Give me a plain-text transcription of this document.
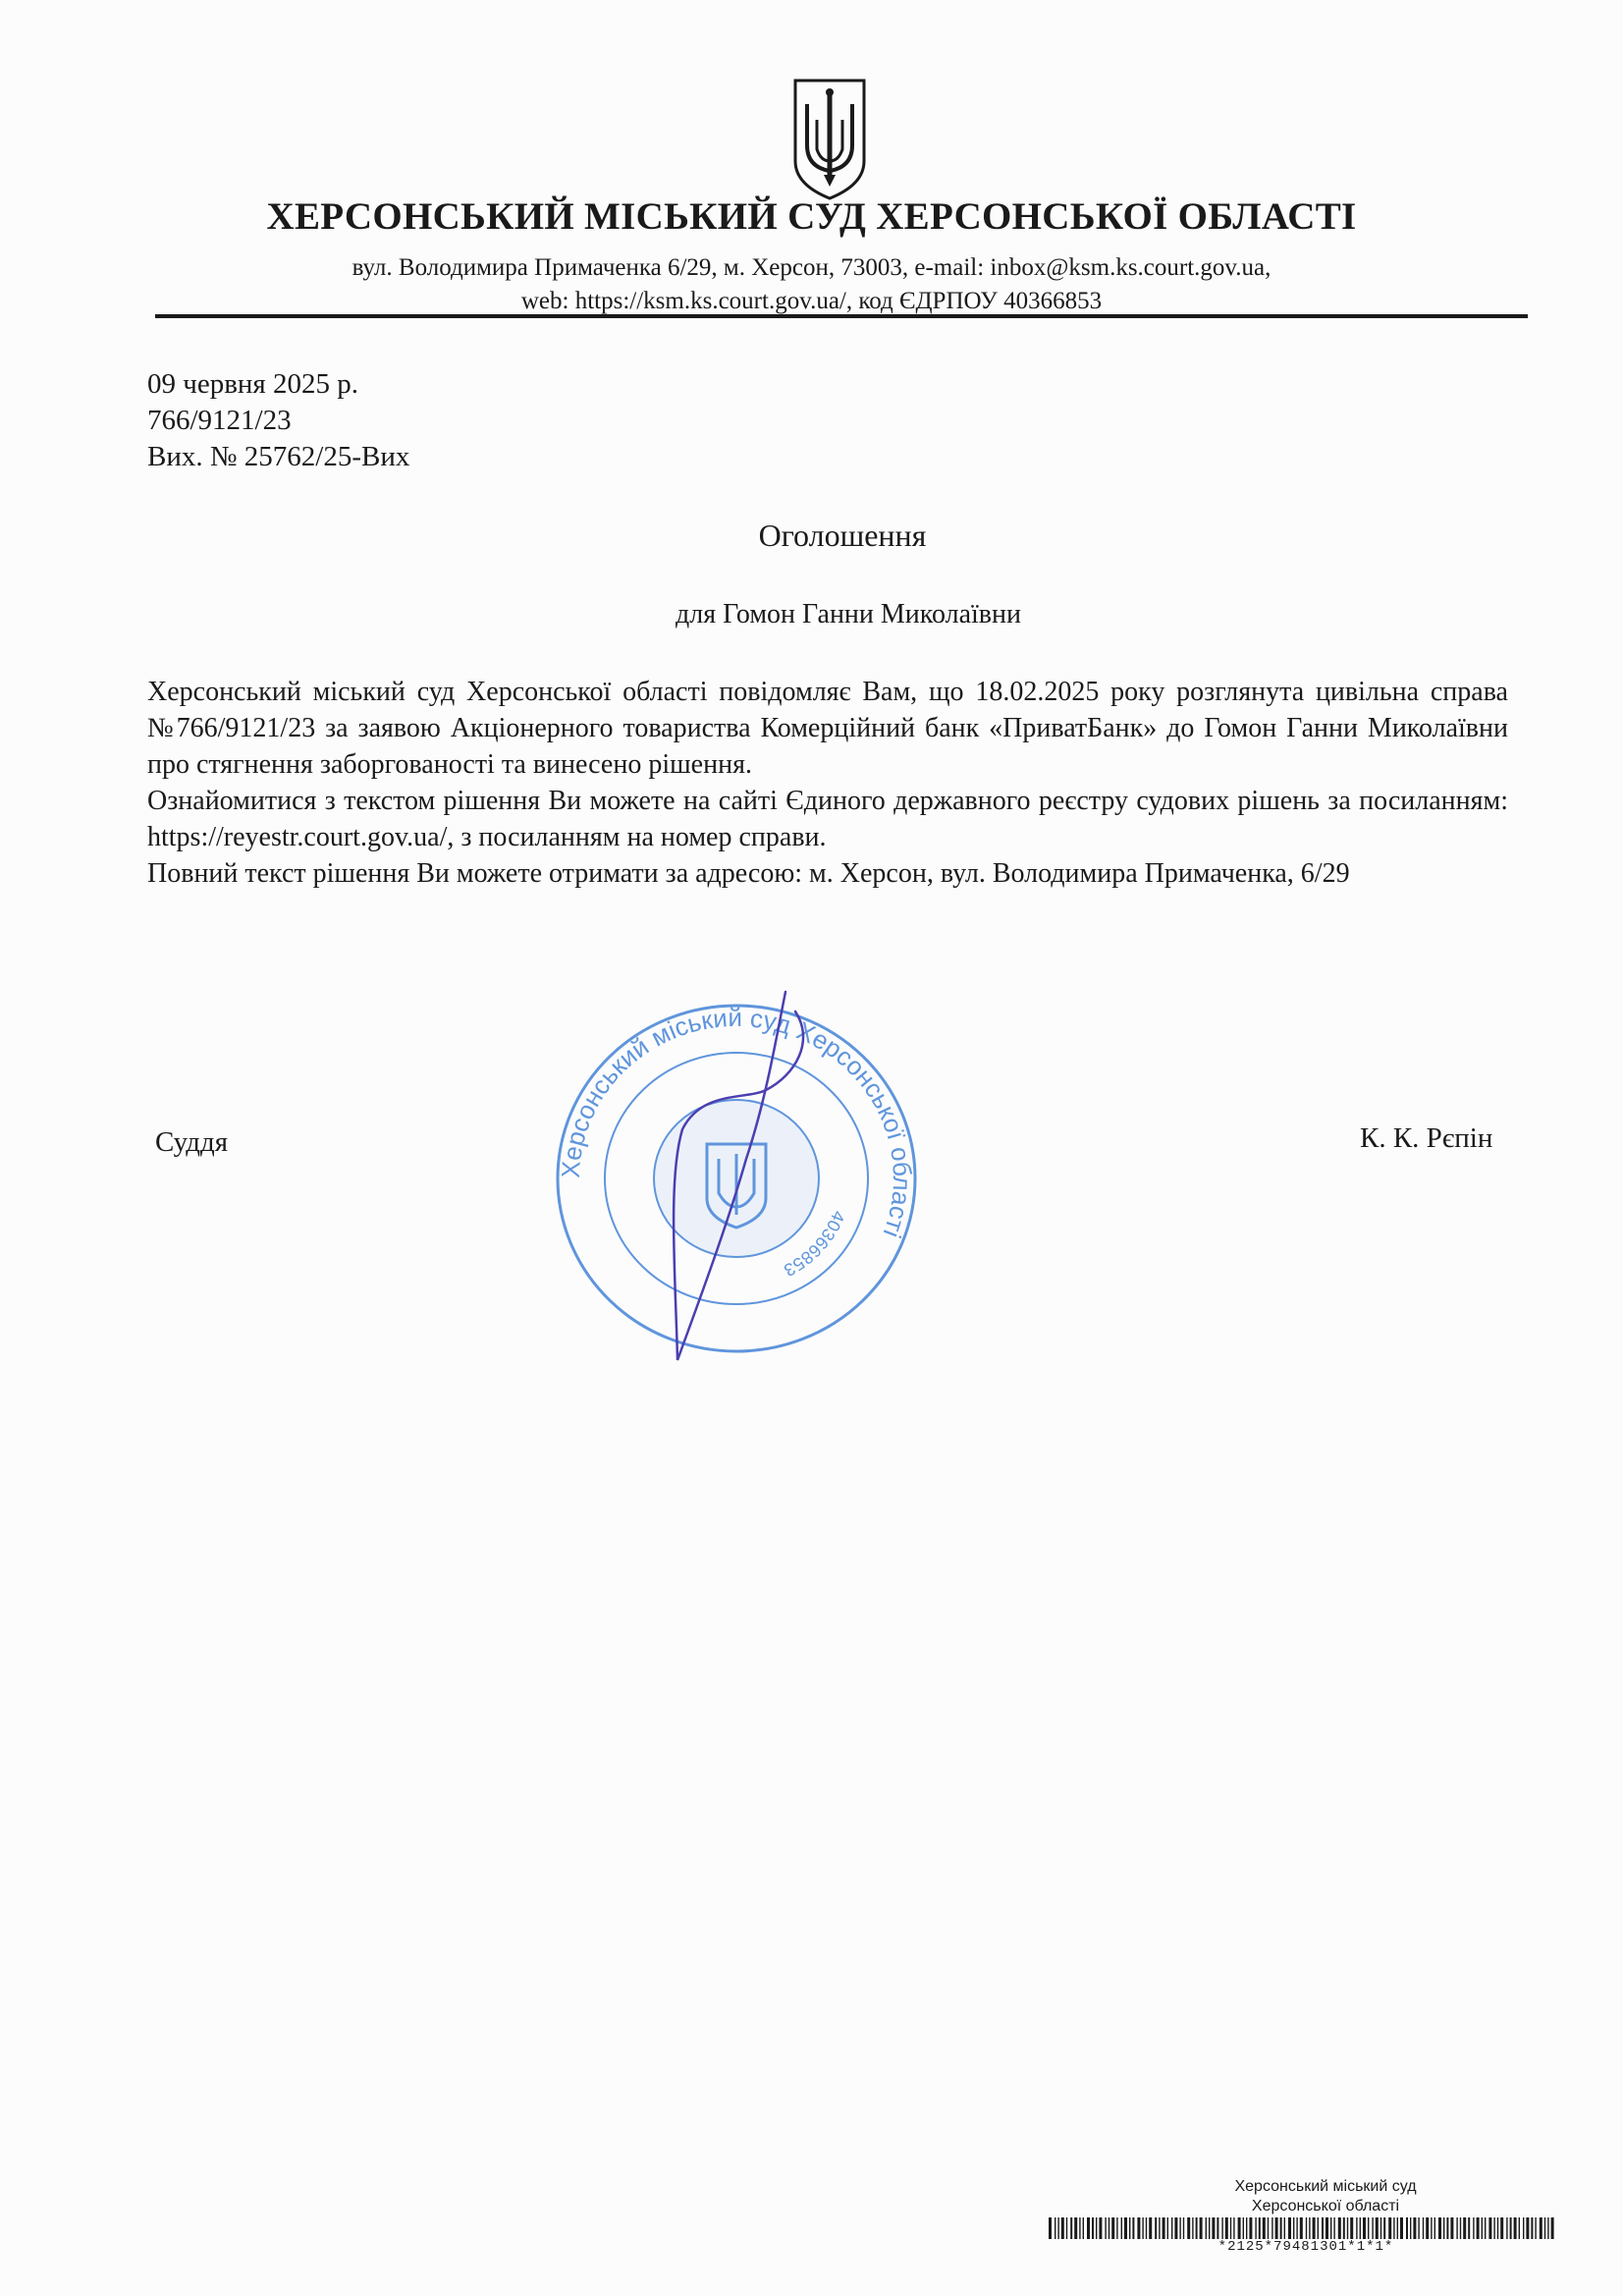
ХЕРСОНСЬКИЙ МІСЬКИЙ СУД ХЕРСОНСЬКОЇ ОБЛАСТІ
вул. Володимира Примаченка 6/29, м. Херсон, 73003, e-mail: inbox@ksm.ks.court.gov.ua,
web: https://ksm.ks.court.gov.ua/, код ЄДРПОУ 40366853
09 червня 2025 р.
766/9121/23
Вих. № 25762/25-Вих
Оголошення
для Гомон Ганни Миколаївни

Херсонський міський суд Херсонської області повідомляє Вам, що 18.02.2025 року розглянута цивільна справа №766/9121/23 за заявою Акціонерного товариства Комерційний банк «ПриватБанк» до Гомон Ганни Миколаївни про стягнення заборгованості та винесено рішення.

Ознайомитися з текстом рішення Ви можете на сайті Єдиного державного реєстру судових рішень за посиланням: https://reyestr.court.gov.ua/, з посиланням на номер справи.

Повний текст рішення Ви можете отримати за адресою: м. Херсон, вул. Володимира Примаченка, 6/29

Херсонський міський суд Херсонської області
40366853
Суддя	К. К. Рєпін
Херсонський міський суд
Херсонської області
*2125*79481301*1*1*
